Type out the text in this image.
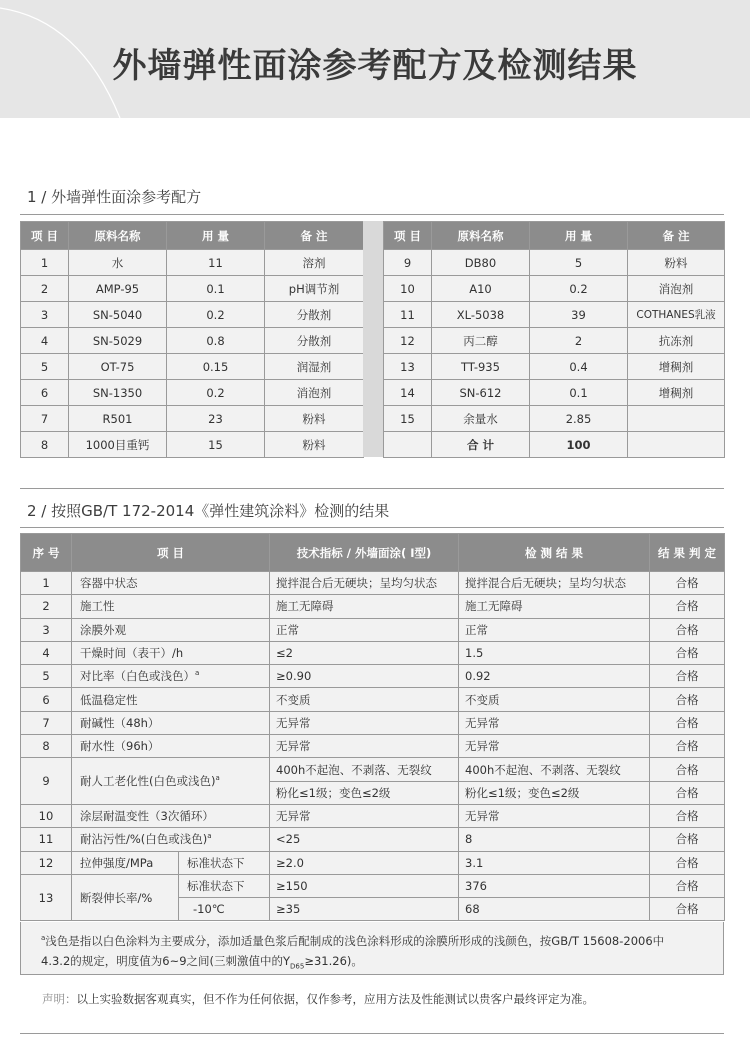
外墙弹性面涂参考配方及检测结果
1 / 外墙弹性面涂参考配方
项 目	原料名称	用 量	备 注
1	水	11	溶剂
2	AMP-95	0.1	pH调节剂
3	SN-5040	0.2	分散剂
4	SN-5029	0.8	分散剂
5	OT-75	0.15	润湿剂
6	SN-1350	0.2	消泡剂
7	R501	23	粉料
8	1000目重钙	15	粉料
项 目	原料名称	用 量	备 注
9	DB80	5	粉料
10	A10	0.2	消泡剂
11	XL-5038	39	COTHANES乳液
12	丙二醇	2	抗冻剂
13	TT-935	0.4	增稠剂
14	SN-612	0.1	增稠剂
15	余量水	2.85	
	合 计	100	
2 / 按照GB/T 172-2014《弹性建筑涂料》检测的结果
序 号	项 目		技术指标 / 外墙面涂( Ⅰ型)	检 测 结 果	结 果 判 定
1	容器中状态		搅拌混合后无硬块；呈均匀状态	搅拌混合后无硬块；呈均匀状态	合格
2	施工性		施工无障碍	施工无障碍	合格
3	涂膜外观		正常	正常	合格
4	干燥时间（表干）/h		≤2	1.5	合格
5	对比率（白色或浅色）$^a$		≥0.90	0.92	合格
6	低温稳定性		不变质	不变质	合格
7	耐碱性（48h）		无异常	无异常	合格
8	耐水性（96h）		无异常	无异常	合格
9	耐人工老化性(白色或浅色)$^a$		400h不起泡、不剥落、无裂纹	400h不起泡、不剥落、无裂纹	合格
			粉化≤1级；变色≤2级	粉化≤1级；变色≤2级	合格
10	涂层耐温变性（3次循环）		无异常	无异常	合格
11	耐沾污性/%(白色或浅色)$^a$		<25	8	合格
12	拉伸强度/MPa	标准状态下	≥2.0	3.1	合格
13	断裂伸长率/%	标准状态下	≥150	376	合格
		-10℃	≥35	68	合格
$^a$浅色是指以白色涂料为主要成分，添加适量色浆后配制成的浅色涂料形成的涂膜所形成的浅颜色，按GB/T 15608-2006中
4.3.2的规定，明度值为6~9之间(三刺激值中的$Y_{D65}\ge 31.26$)。
声明：以上实验数据客观真实，但不作为任何依据，仅作参考，应用方法及性能测试以贵客户最终评定为准。
